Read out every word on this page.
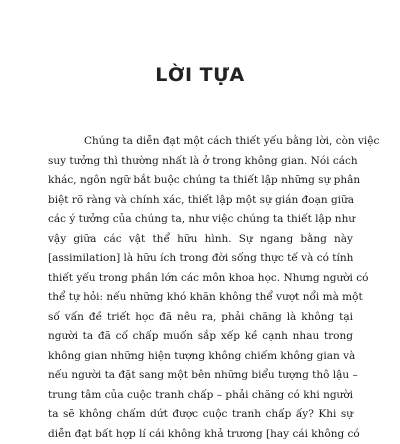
LỜI TỰA
Chúng ta diễn đạt một cách thiết yếu bằng lời, còn việc
suy tưởng thì thường nhất là ở trong không gian. Nói cách
khác, ngôn ngữ bắt buộc chúng ta thiết lập những sự phân
biệt rõ ràng và chính xác, thiết lập một sự gián đoạn giữa
các ý tưởng của chúng ta, như việc chúng ta thiết lập như
vậy giữa các vật thể hữu hình. Sự ngang bằng này
[assimilation] là hữu ích trong đời sống thực tế và có tính
thiết yếu trong phần lớn các môn khoa học. Nhưng người có
thể tự hỏi: nếu những khó khăn không thể vượt nổi mà một
số vấn đề triết học đã nêu ra, phải chăng là không tại
người ta đã cố chấp muốn sắp xếp kề cạnh nhau trong
không gian những hiện tượng không chiếm không gian và
nếu người ta đặt sang một bên những biểu tượng thô lậu –
trung tâm của cuộc tranh chấp – phải chăng có khi người
ta sẽ không chấm dứt được cuộc tranh chấp ấy? Khi sự
diễn đạt bất hợp lí cái không khả trương [hay cái không có
